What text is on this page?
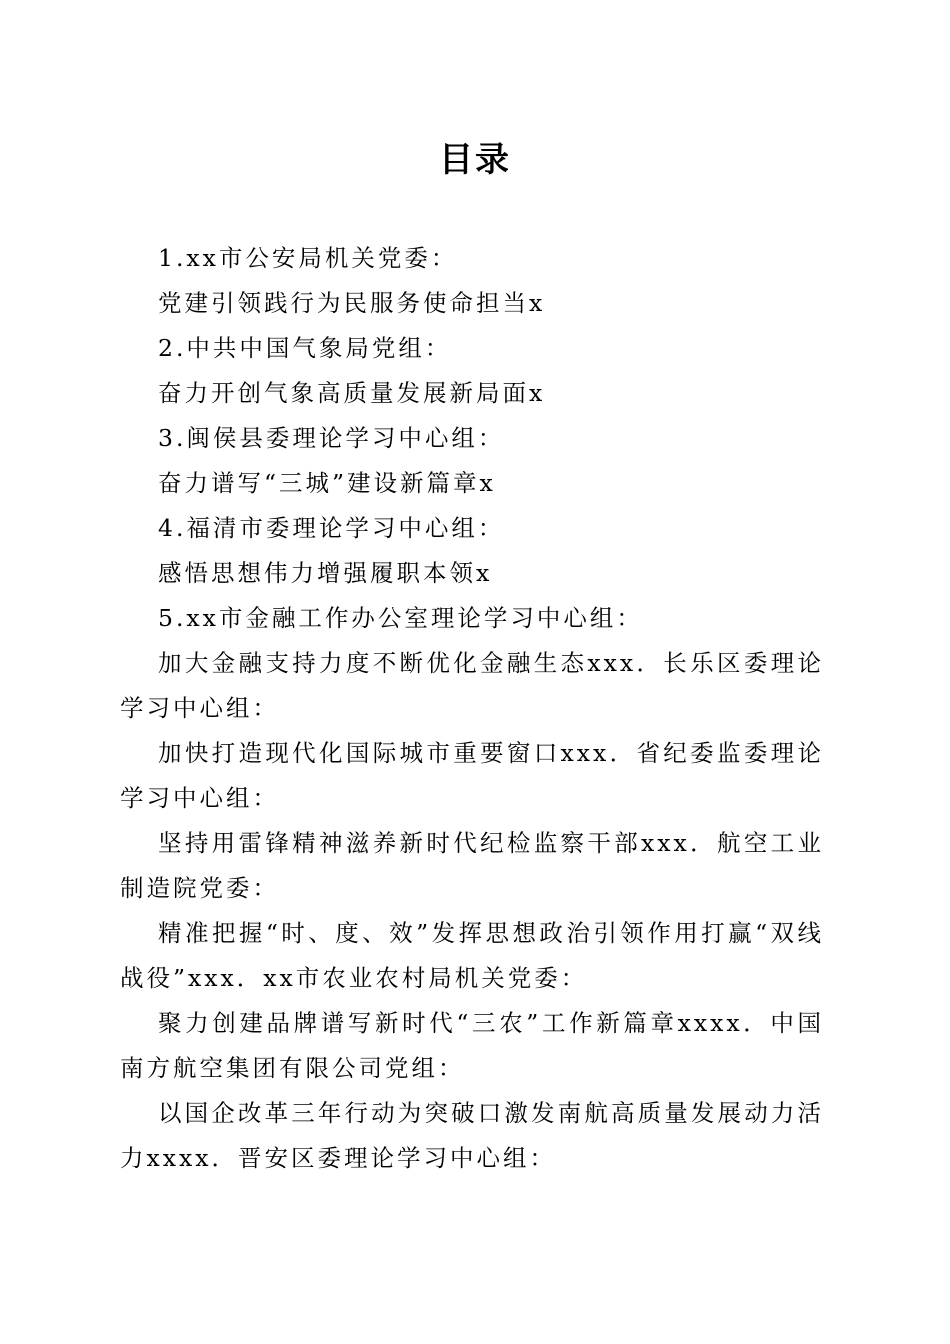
目录

1.xx市公安局机关党委：

党建引领践行为民服务使命担当x

2.中共中国气象局党组：

奋力开创气象高质量发展新局面x

3.闽侯县委理论学习中心组：

奋力谱写“三城”建设新篇章x

4.福清市委理论学习中心组：

感悟思想伟力增强履职本领x

5.xx市金融工作办公室理论学习中心组：

加大金融支持力度不断优化金融生态xxx．长乐区委理论学习中心组：

加快打造现代化国际城市重要窗口xxx．省纪委监委理论学习中心组：

坚持用雷锋精神滋养新时代纪检监察干部xxx．航空工业制造院党委：

精准把握“时、度、效”发挥思想政治引领作用打赢“双线战役”xxx．xx市农业农村局机关党委：

聚力创建品牌谱写新时代“三农”工作新篇章xxxx．中国南方航空集团有限公司党组：

以国企改革三年行动为突破口激发南航高质量发展动力活力xxxx．晋安区委理论学习中心组：
